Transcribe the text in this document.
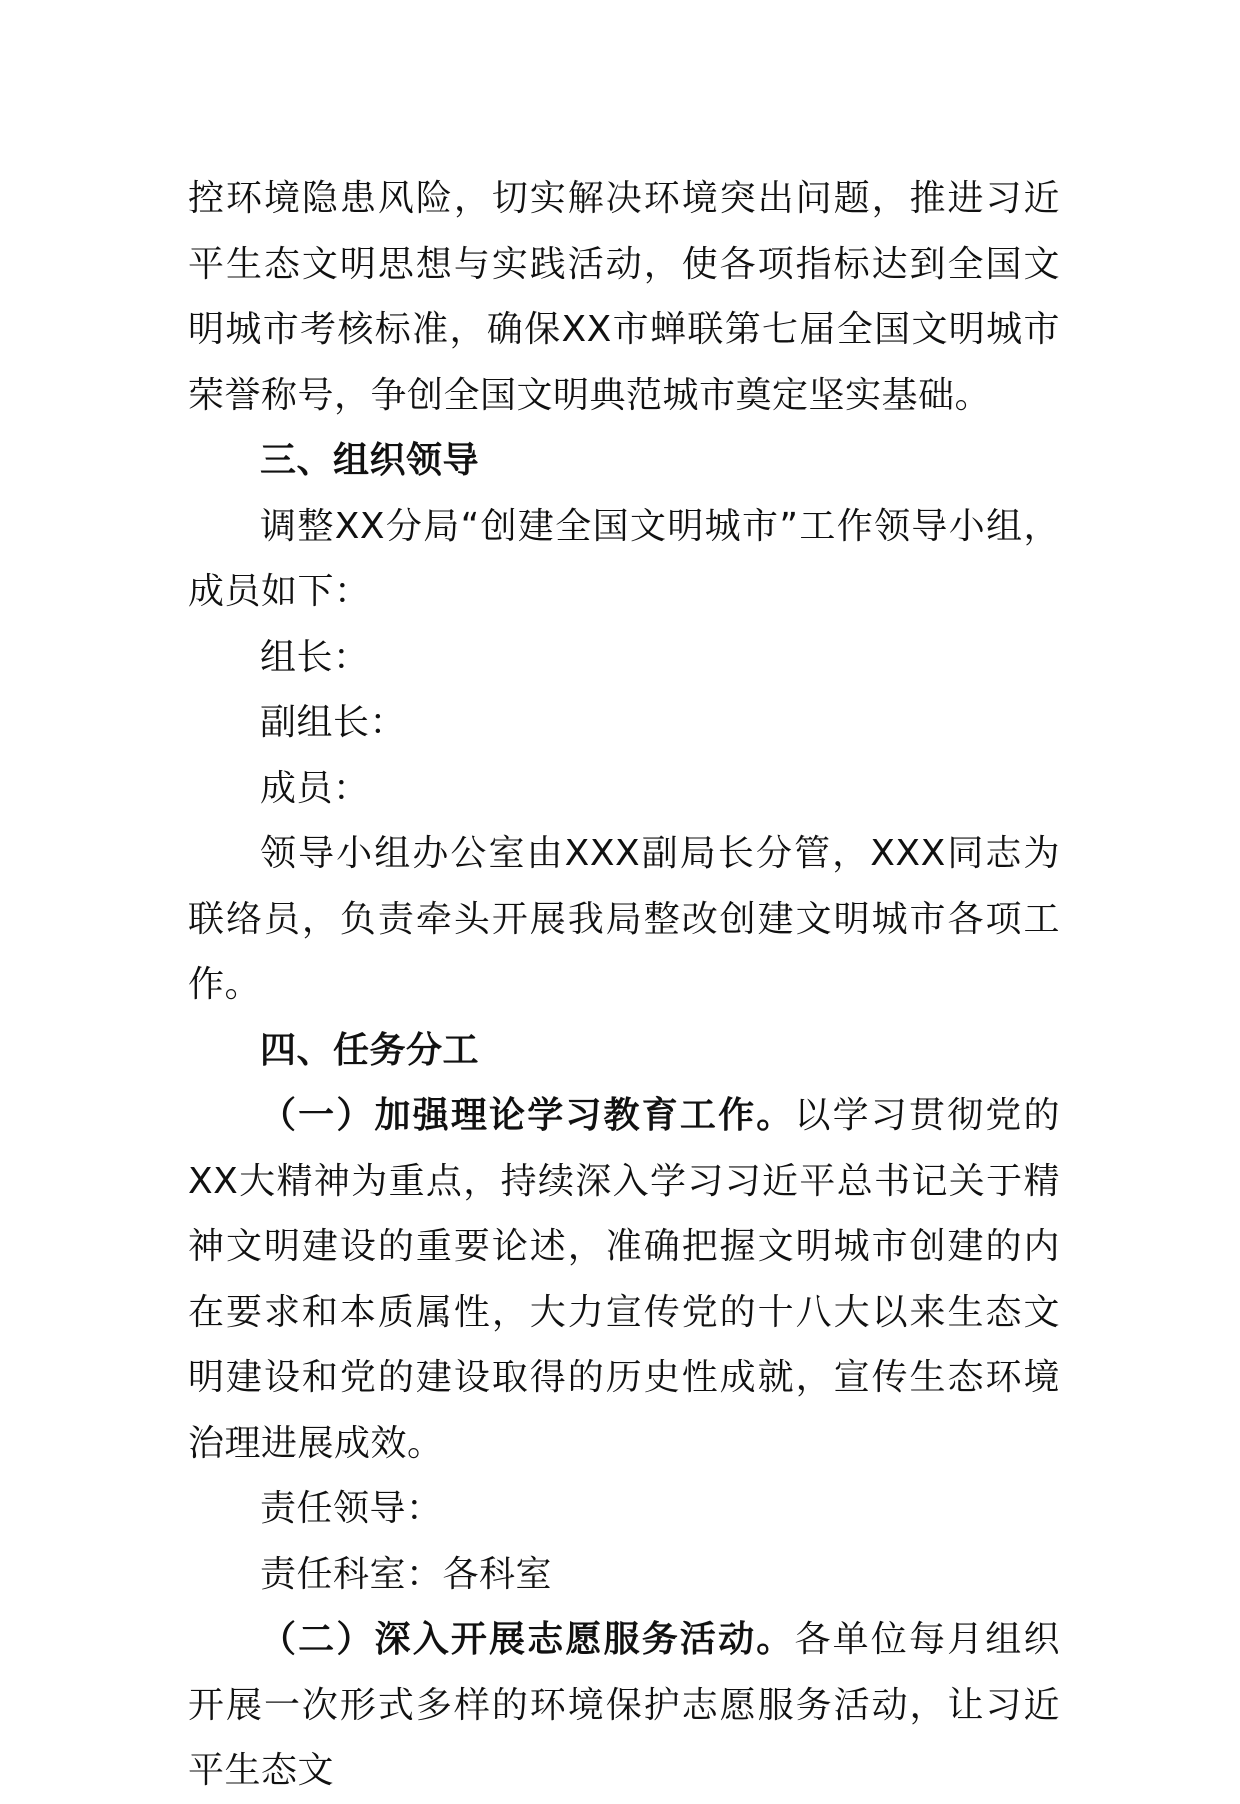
控环境隐患风险，切实解决环境突出问题，推进习近平生态文明思想与实践活动，使各项指标达到全国文明城市考核标准，确保XX市蝉联第七届全国文明城市荣誉称号，争创全国文明典范城市奠定坚实基础。

三、组织领导

调整XX分局“创建全国文明城市”工作领导小组，成员如下：

组长：

副组长：

成员：

领导小组办公室由XXX副局长分管，XXX同志为联络员，负责牵头开展我局整改创建文明城市各项工作。

四、任务分工

（一）加强理论学习教育工作。以学习贯彻党的XX大精神为重点，持续深入学习习近平总书记关于精神文明建设的重要论述，准确把握文明城市创建的内在要求和本质属性，大力宣传党的十八大以来生态文明建设和党的建设取得的历史性成就，宣传生态环境治理进展成效。

责任领导：

责任科室：各科室

（二）深入开展志愿服务活动。各单位每月组织开展一次形式多样的环境保护志愿服务活动，让习近平生态文
